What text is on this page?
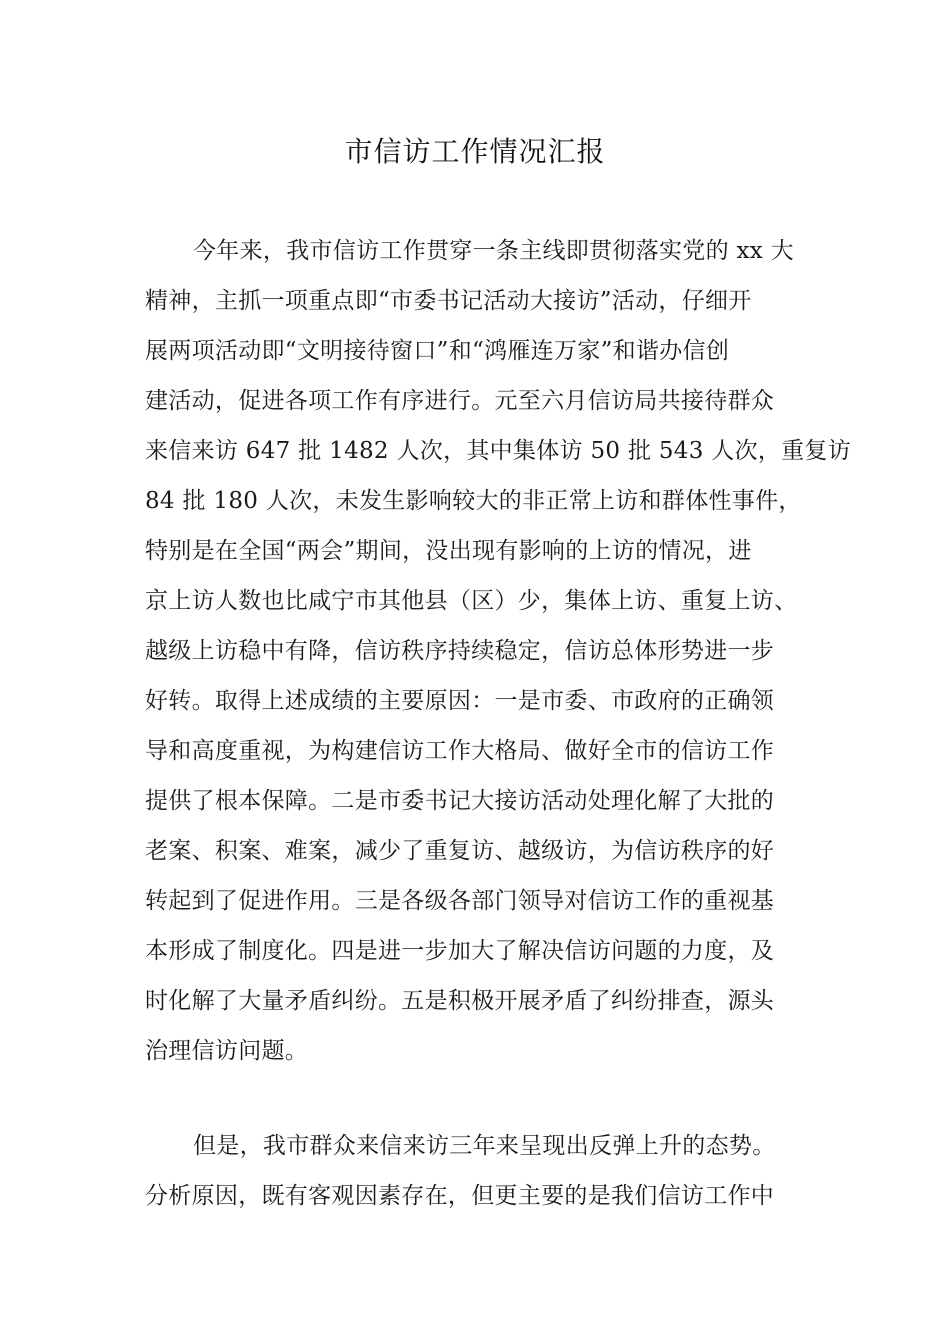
市信访工作情况汇报
今年来，我市信访工作贯穿一条主线即贯彻落实党的 xx 大
精神，主抓一项重点即“市委书记活动大接访”活动，仔细开
展两项活动即“文明接待窗口”和“鸿雁连万家”和谐办信创
建活动，促进各项工作有序进行。元至六月信访局共接待群众
来信来访 647 批 1482 人次，其中集体访 50 批 543 人次，重复访
84 批 180 人次，未发生影响较大的非正常上访和群体性事件，
特别是在全国“两会”期间，没出现有影响的上访的情况，进
京上访人数也比咸宁市其他县（区）少，集体上访、重复上访、
越级上访稳中有降，信访秩序持续稳定，信访总体形势进一步
好转。取得上述成绩的主要原因：一是市委、市政府的正确领
导和高度重视，为构建信访工作大格局、做好全市的信访工作
提供了根本保障。二是市委书记大接访活动处理化解了大批的
老案、积案、难案，减少了重复访、越级访，为信访秩序的好
转起到了促进作用。三是各级各部门领导对信访工作的重视基
本形成了制度化。四是进一步加大了解决信访问题的力度，及
时化解了大量矛盾纠纷。五是积极开展矛盾了纠纷排查，源头
治理信访问题。
但是，我市群众来信来访三年来呈现出反弹上升的态势。
分析原因，既有客观因素存在，但更主要的是我们信访工作中
